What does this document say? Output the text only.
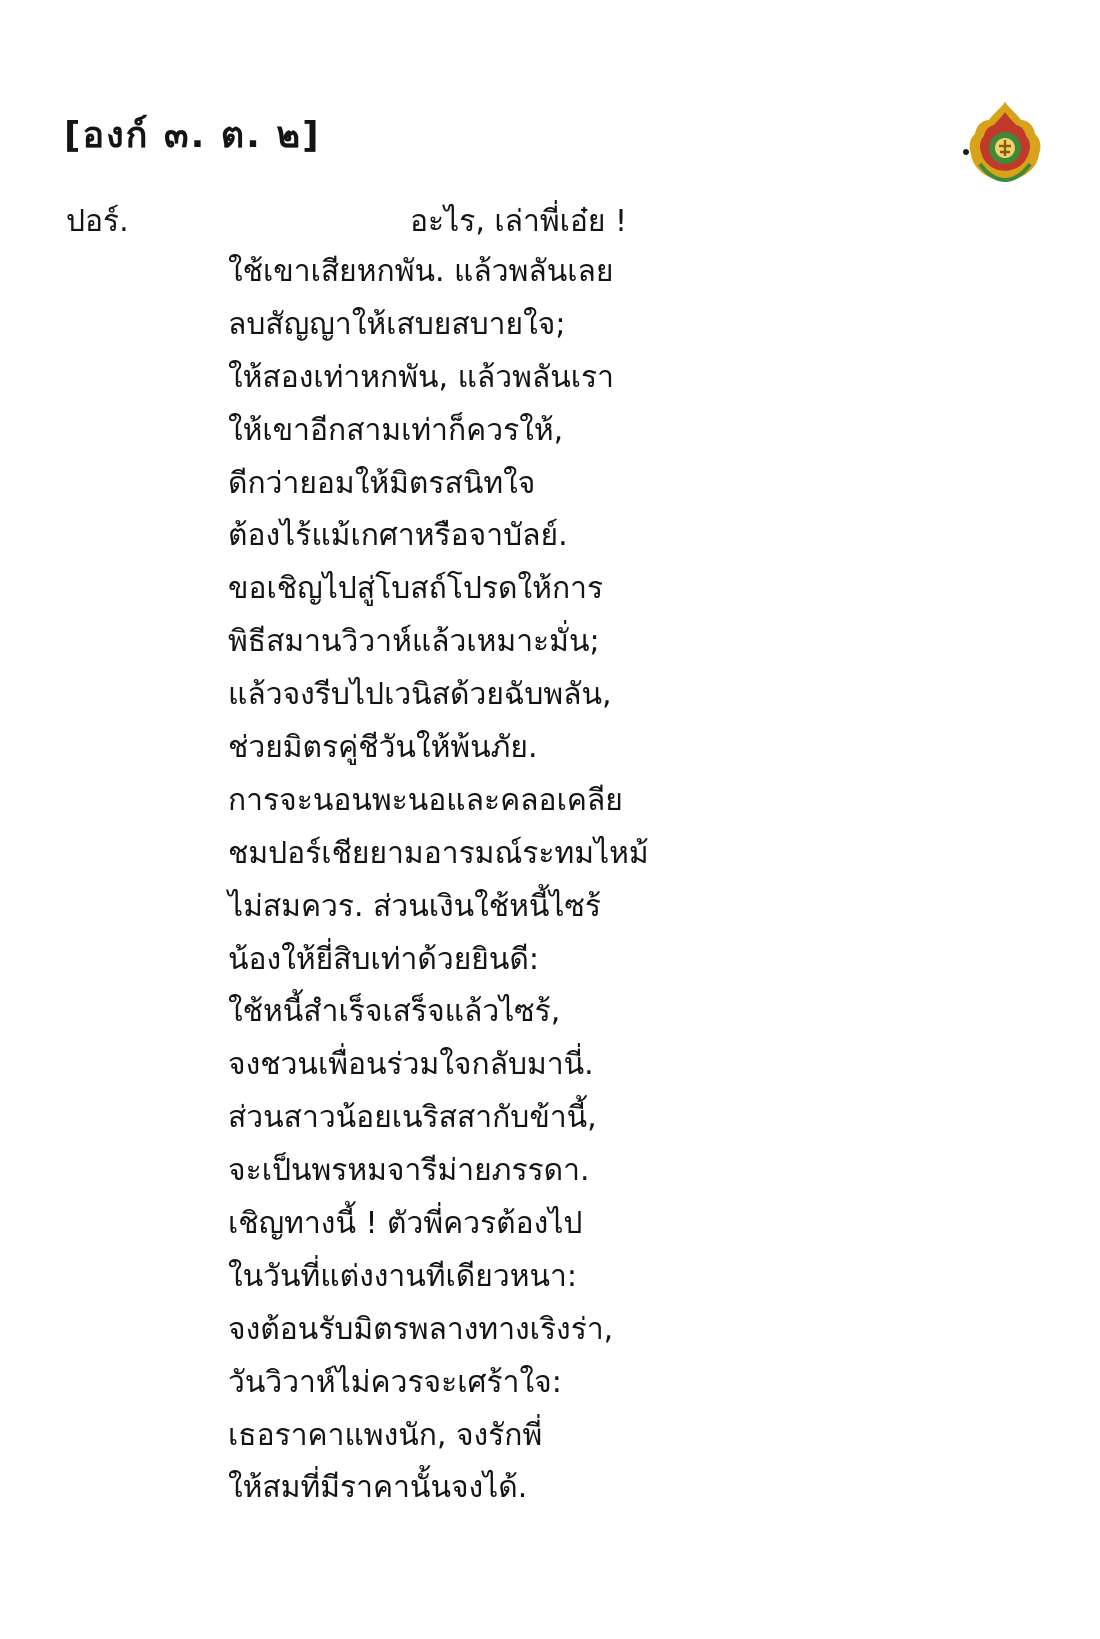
[องก์ ๓. ต. ๒]
ปอร์.	อะไร, เล่าพี่เอ๋ย !
ใช้เขาเสียหกพัน. แล้วพลันเลย
ลบสัญญาให้เสบยสบายใจ;
ให้สองเท่าหกพัน, แล้วพลันเรา
ให้เขาอีกสามเท่าก็ควรให้,
ดีกว่ายอมให้มิตรสนิทใจ
ต้องไร้แม้เกศาหรือจาบัลย์.
ขอเชิญไปสู่โบสถ์โปรดให้การ
พิธีสมานวิวาห์แล้วเหมาะมั่น;
แล้วจงรีบไปเวนิสด้วยฉับพลัน,
ช่วยมิตรคู่ชีวันให้พ้นภัย.
การจะนอนพะนอและคลอเคลีย
ชมปอร์เชียยามอารมณ์ระทมไหม้
ไม่สมควร. ส่วนเงินใช้หนี้ไซร้
น้องให้ยี่สิบเท่าด้วยยินดี:
ใช้หนี้สำเร็จเสร็จแล้วไซร้,
จงชวนเพื่อนร่วมใจกลับมานี่.
ส่วนสาวน้อยเนริสสากับข้านี้,
จะเป็นพรหมจารีม่ายภรรดา.
เชิญทางนี้ ! ตัวพี่ควรต้องไป
ในวันที่แต่งงานทีเดียวหนา:
จงต้อนรับมิตรพลางทางเริงร่า,
วันวิวาห์ไม่ควรจะเศร้าใจ:
เธอราคาแพงนัก, จงรักพี่
ให้สมที่มีราคานั้นจงได้.
